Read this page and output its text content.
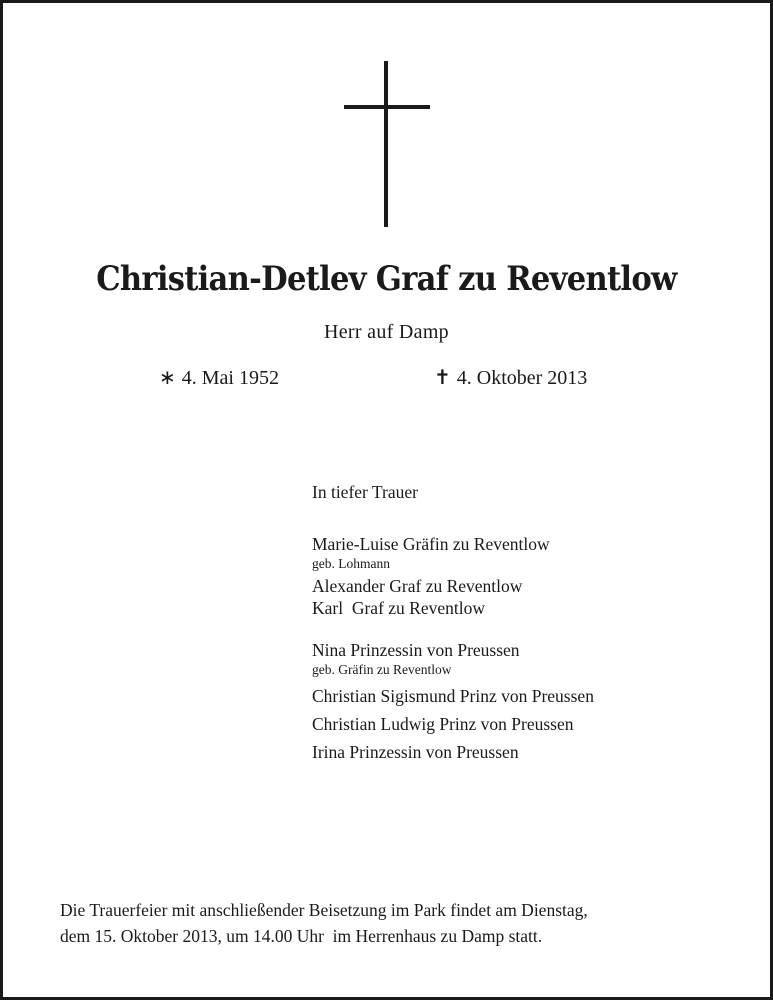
Christian-Detlev Graf zu Reventlow
Herr auf Damp
∗ 4. Mai 1952	✝ 4. Oktober 2013
In tiefer Trauer
Marie-Luise Gräfin zu Reventlow
geb. Lohmann
Alexander Graf zu Reventlow
Karl  Graf zu Reventlow
Nina Prinzessin von Preussen
geb. Gräfin zu Reventlow
Christian Sigismund Prinz von Preussen
Christian Ludwig Prinz von Preussen
Irina Prinzessin von Preussen
Die Trauerfeier mit anschließender Beisetzung im Park findet am Dienstag,
dem 15. Oktober 2013, um 14.00 Uhr  im Herrenhaus zu Damp statt.
